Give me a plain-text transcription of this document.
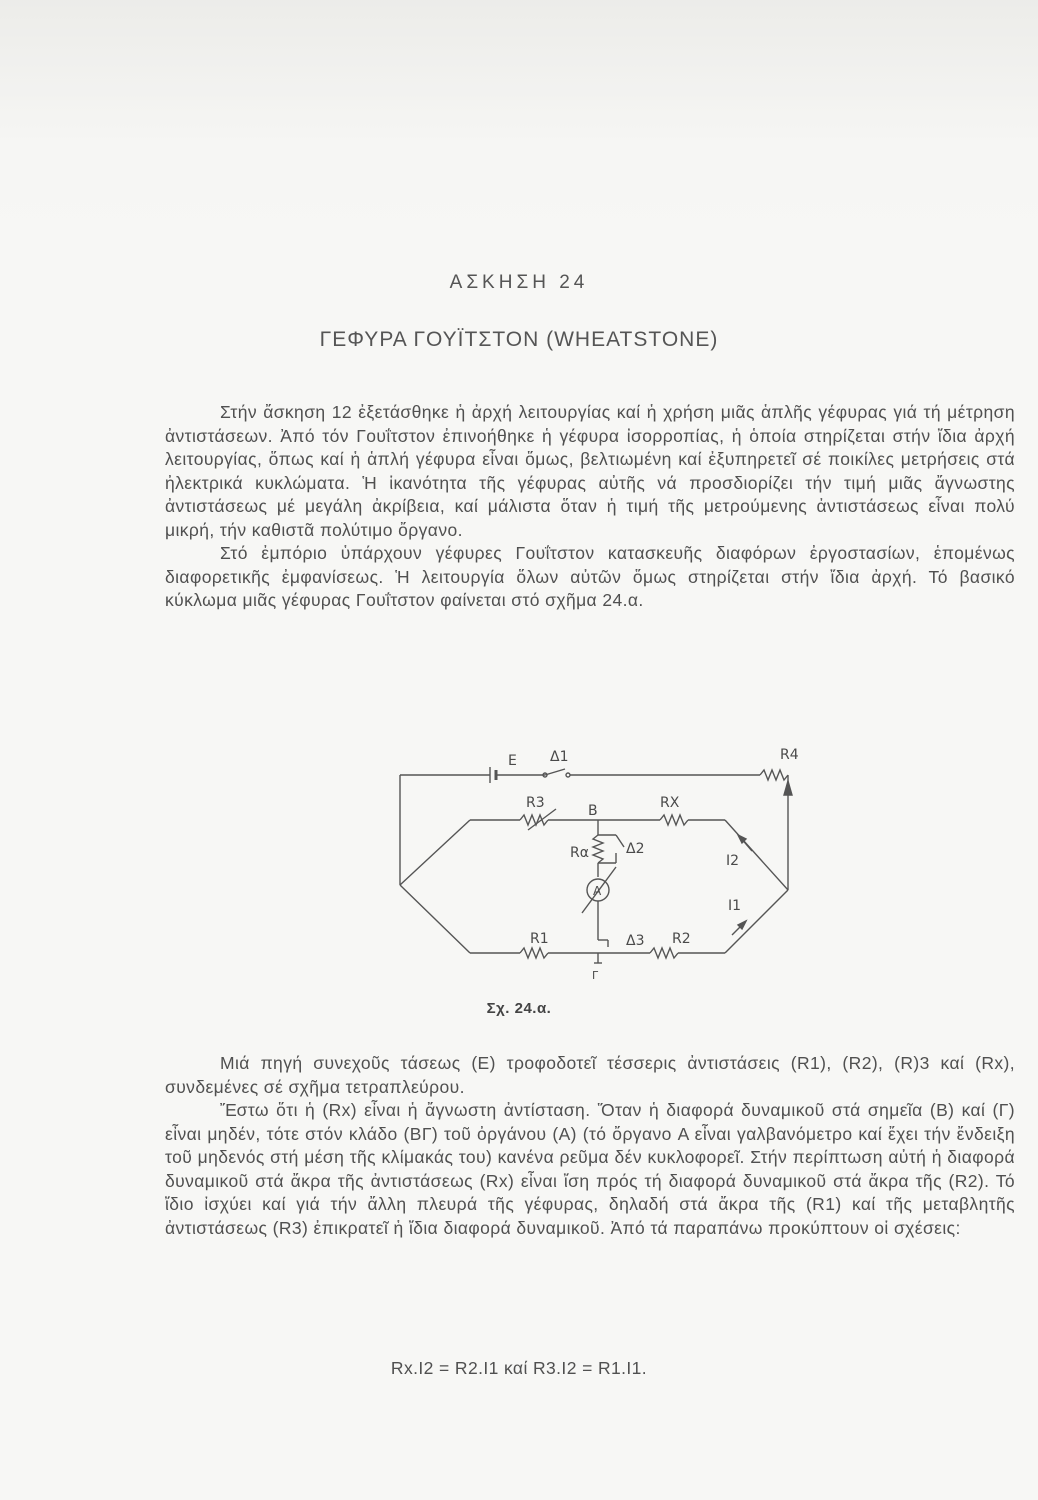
ΑΣΚΗΣΗ 24
ΓΕΦΥΡΑ ΓΟΥΪΤΣΤΟΝ (WHEATSTONE)

Στήν ἄσκηση 12 ἐξετάσθηκε ἡ ἀρχή λειτουργίας καί ἡ χρήση μιᾶς ἁπλῆς γέφυρας γιά τή μέτρηση ἀντιστάσεων. Ἀπό τόν Γουΐτστον ἐπινοήθηκε ἡ γέφυρα ἰσορροπίας, ἡ ὁποία στηρίζεται στήν ἴδια ἀρχή λειτουργίας, ὅπως καί ἡ ἁπλή γέφυρα εἶναι ὅμως, βελτιωμένη καί ἐξυπηρετεῖ σέ ποικίλες μετρήσεις στά ἠλεκτρικά κυκλώματα. Ἡ ἱκανότητα τῆς γέφυρας αὐτῆς νά προσδιορίζει τήν τιμή μιᾶς ἄγνωστης ἀντιστάσεως μέ μεγάλη ἀκρίβεια, καί μάλιστα ὅταν ἡ τιμή τῆς μετρούμενης ἀντιστάσεως εἶναι πολύ μικρή, τήν καθιστᾶ πολύτιμο ὄργανο.

Στό ἐμπόριο ὑπάρχουν γέφυρες Γουΐτστον κατασκευῆς διαφόρων ἐργοστασίων, ἑπομένως διαφορετικῆς ἐμφανίσεως. Ἡ λειτουργία ὅλων αὐτῶν ὅμως στηρίζεται στήν ἴδια ἀρχή. Τό βασικό κύκλωμα μιᾶς γέφυρας Γουΐτστον φαίνεται στό σχῆμα 24.α.

E Δ1	R4
R3	B	RX
Rα	Δ2
I2
A
I1
R1	Δ3 R2
Γ
Σχ. 24.α.

Μιά πηγή συνεχοῦς τάσεως (E) τροφοδοτεῖ τέσσερις ἀντιστάσεις (R1), (R2), (R)3 καί (Rx), συνδεμένες σέ σχῆμα τετραπλεύρου.

Ἔστω ὅτι ἡ (Rx) εἶναι ἡ ἄγνωστη ἀντίσταση. Ὅταν ἡ διαφορά δυναμικοῦ στά σημεῖα (B) καί (Γ) εἶναι μηδέν, τότε στόν κλάδο (ΒΓ) τοῦ ὀργάνου (A) (τό ὄργανο A εἶναι γαλβανόμετρο καί ἔχει τήν ἔνδειξη τοῦ μηδενός στή μέση τῆς κλίμακάς του) κανένα ρεῦμα δέν κυκλοφορεῖ. Στήν περίπτωση αὐτή ἡ διαφορά δυναμικοῦ στά ἄκρα τῆς ἀντιστάσεως (Rx) εἶναι ἴση πρός τή διαφορά δυναμικοῦ στά ἄκρα τῆς (R2). Τό ἴδιο ἰσχύει καί γιά τήν ἄλλη πλευρά τῆς γέφυρας, δηλαδή στά ἄκρα τῆς (R1) καί τῆς μεταβλητῆς ἀντιστάσεως (R3) ἐπικρατεῖ ἡ ἴδια διαφορά δυναμικοῦ. Ἀπό τά παραπάνω προκύπτουν οἱ σχέσεις:

Rx.I2 = R2.I1 καί R3.I2 = R1.I1.
